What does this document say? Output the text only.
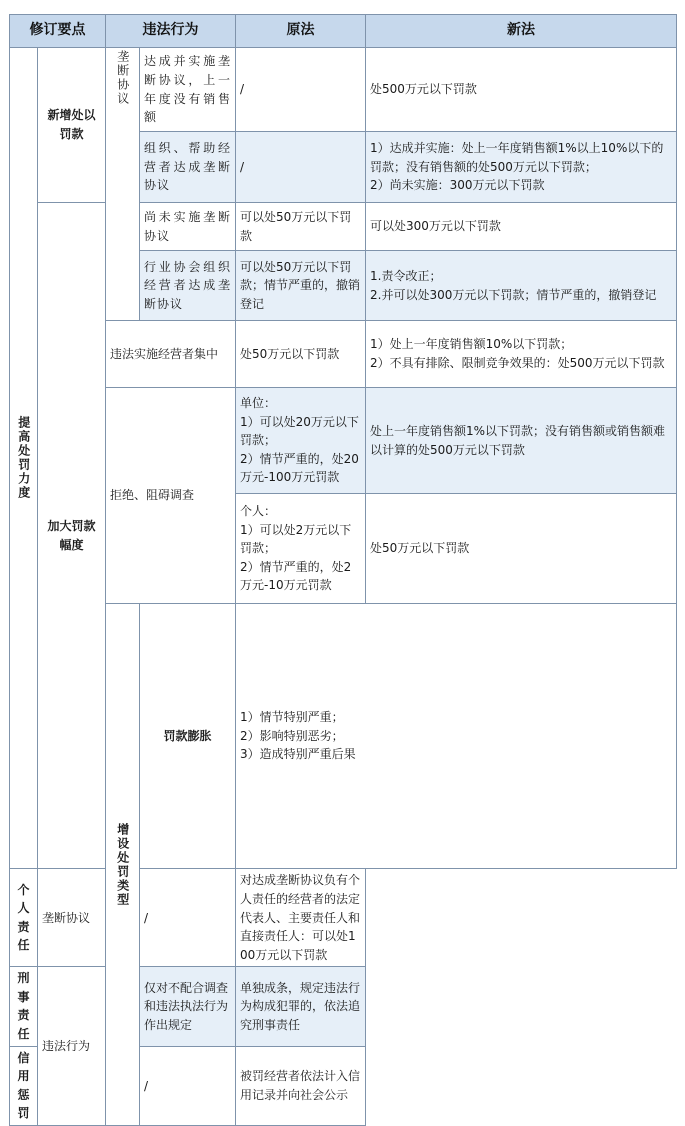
修订要点		违法行为		原法	新法	
提高处罚力度	新增处以罚款	垄断协议	达成并实施垄断协议，上一年度没有销售额	/	处500万元以下罚款	
			组织、帮助经营者达成垄断协议	/	1）达成并实施：处上一年度销售额1%以上10%以下的罚款；没有销售额的处500万元以下罚款；
2）尚未实施：300万元以下罚款	
	加大罚款幅度		尚未实施垄断协议	可以处50万元以下罚款	可以处300万元以下罚款	
			行业协会组织经营者达成垄断协议	可以处50万元以下罚款；情节严重的，撤销登记	1.责令改正；
2.并可以处300万元以下罚款；情节严重的，撤销登记	
		违法实施经营者集中		处50万元以下罚款	1）处上一年度销售额10%以下罚款；
2）不具有排除、限制竞争效果的：处500万元以下罚款	
		拒绝、阻碍调查		单位：
1）可以处20万元以下罚款；
2）情节严重的，处20万元-100万元罚款	处上一年度销售额1%以下罚款；没有销售额或销售额难以计算的处500万元以下罚款	
				个人：
1）可以处2万元以下罚款；
2）情节严重的，处2万元-10万元罚款	处50万元以下罚款	
		增设处罚类型	罚款膨胀	1）情节特别严重；
2）影响特别恶劣；
3）造成特别严重后果		
个人责任	垄断协议		/	对达成垄断协议负有个人责任的经营者的法定代表人、主要责任人和直接责任人：可以处100万元以下罚款		
刑事责任	违法行为		仅对不配合调查和违法执法行为作出规定	单独成条，规定违法行为构成犯罪的，依法追究刑事责任		
信用惩罚			/	被罚经营者依法计入信用记录并向社会公示		
